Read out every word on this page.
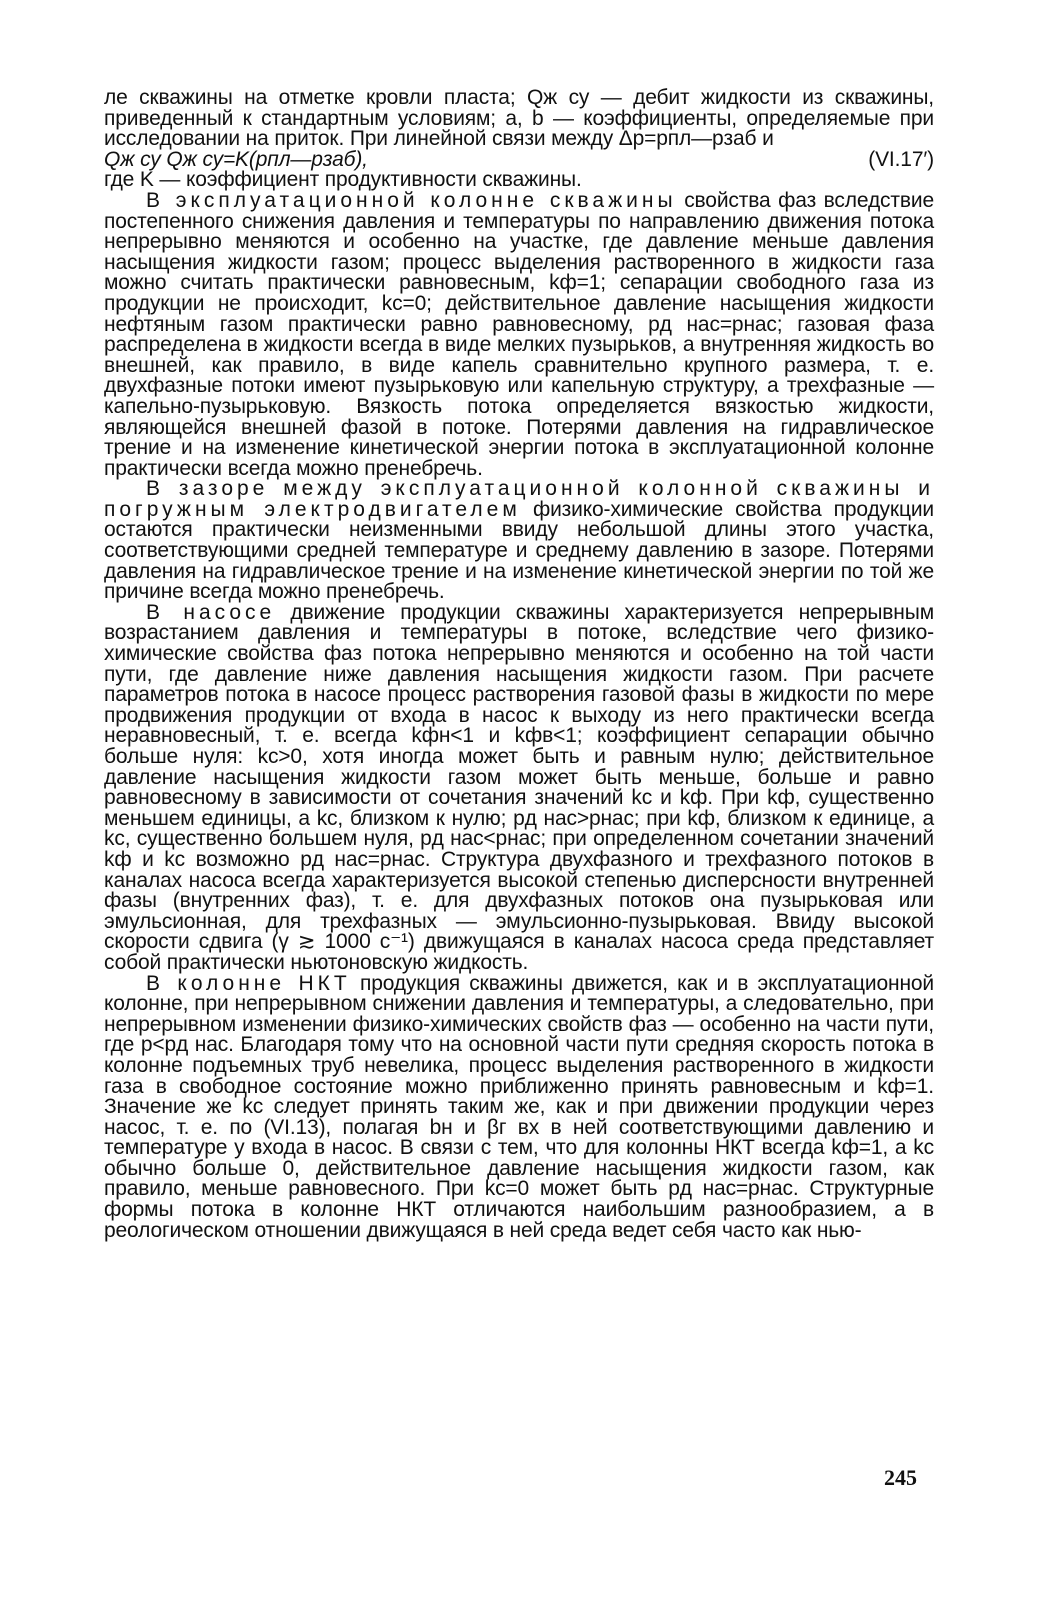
ле скважины на отметке кровли пласта; Qж су — дебит жидкости из скважины, приведенный к стандартным условиям; a, b — коэффициенты, определяемые при исследовании на приток. При линейной связи между Δp=pпл—pзаб и

Qж су Qж су=K(pпл—pзаб),	(VI.17′)

где K — коэффициент продуктивности скважины.

В эксплуатационной колонне скважины свойства фаз вследствие постепенного снижения давления и температуры по направлению движения потока непрерывно меняются и особенно на участке, где давление меньше давления насыщения жидкости газом; процесс выделения растворенного в жидкости газа можно считать практически равновесным, kф=1; сепарации свободного газа из продукции не происходит, kс=0; действительное давление насыщения жидкости нефтяным газом практически равно равновесному, pд нас=pнас; газовая фаза распределена в жидкости всегда в виде мелких пузырьков, а внутренняя жидкость во внешней, как правило, в виде капель сравнительно крупного размера, т. е. двухфазные потоки имеют пузырьковую или капельную структуру, а трехфазные — капельно-пузырьковую. Вязкость потока определяется вязкостью жидкости, являющейся внешней фазой в потоке. Потерями давления на гидравлическое трение и на изменение кинетической энергии потока в эксплуатационной колонне практически всегда можно пренебречь.

В зазоре между эксплуатационной колонной скважины и погружным электродвигателем физико-химические свойства продукции остаются практически неизменными ввиду небольшой длины этого участка, соответствующими средней температуре и среднему давлению в зазоре. Потерями давления на гидравлическое трение и на изменение кинетической энергии по той же причине всегда можно пренебречь.

В насосе движение продукции скважины характеризуется непрерывным возрастанием давления и температуры в потоке, вследствие чего физико-химические свойства фаз потока непрерывно меняются и особенно на той части пути, где давление ниже давления насыщения жидкости газом. При расчете параметров потока в насосе процесс растворения газовой фазы в жидкости по мере продвижения продукции от входа в насос к выходу из него практически всегда неравновесный, т. е. всегда kфн<1 и kфв<1; коэффициент сепарации обычно больше нуля: kс>0, хотя иногда может быть и равным нулю; действительное давление насыщения жидкости газом может быть меньше, больше и равно равновесному в зависимости от сочетания значений kс и kф. При kф, существенно меньшем единицы, а kс, близком к нулю; pд нас>pнас; при kф, близком к единице, а kс, существенно большем нуля, pд нас<pнас; при определенном сочетании значений kф и kс возможно pд нас=pнас. Структура двухфазного и трехфазного потоков в каналах насоса всегда характеризуется высокой степенью дисперсности внутренней фазы (внутренних фаз), т. е. для двухфазных потоков она пузырьковая или эмульсионная, для трехфазных — эмульсионно-пузырьковая. Ввиду высокой скорости сдвига (γ ≳ 1000 с⁻¹) движущаяся в каналах насоса среда представляет собой практически ньютоновскую жидкость.

В колонне НКТ продукция скважины движется, как и в эксплуатационной колонне, при непрерывном снижении давления и температуры, а следовательно, при непрерывном изменении физико-химических свойств фаз — особенно на части пути, где p<pд нас. Благодаря тому что на основной части пути средняя скорость потока в колонне подъемных труб невелика, процесс выделения растворенного в жидкости газа в свободное состояние можно приближенно принять равновесным и kф=1. Значение же kс следует принять таким же, как и при движении продукции через насос, т. е. по (VI.13), полагая bн и βг вх в ней соответствующими давлению и температуре у входа в насос. В связи с тем, что для колонны НКТ всегда kф=1, а kс обычно больше 0, действительное давление насыщения жидкости газом, как правило, меньше равновесного. При kс=0 может быть pд нас=pнас. Структурные формы потока в колонне НКТ отличаются наибольшим разнообразием, а в реологическом отношении движущаяся в ней среда ведет себя часто как нью-

245
